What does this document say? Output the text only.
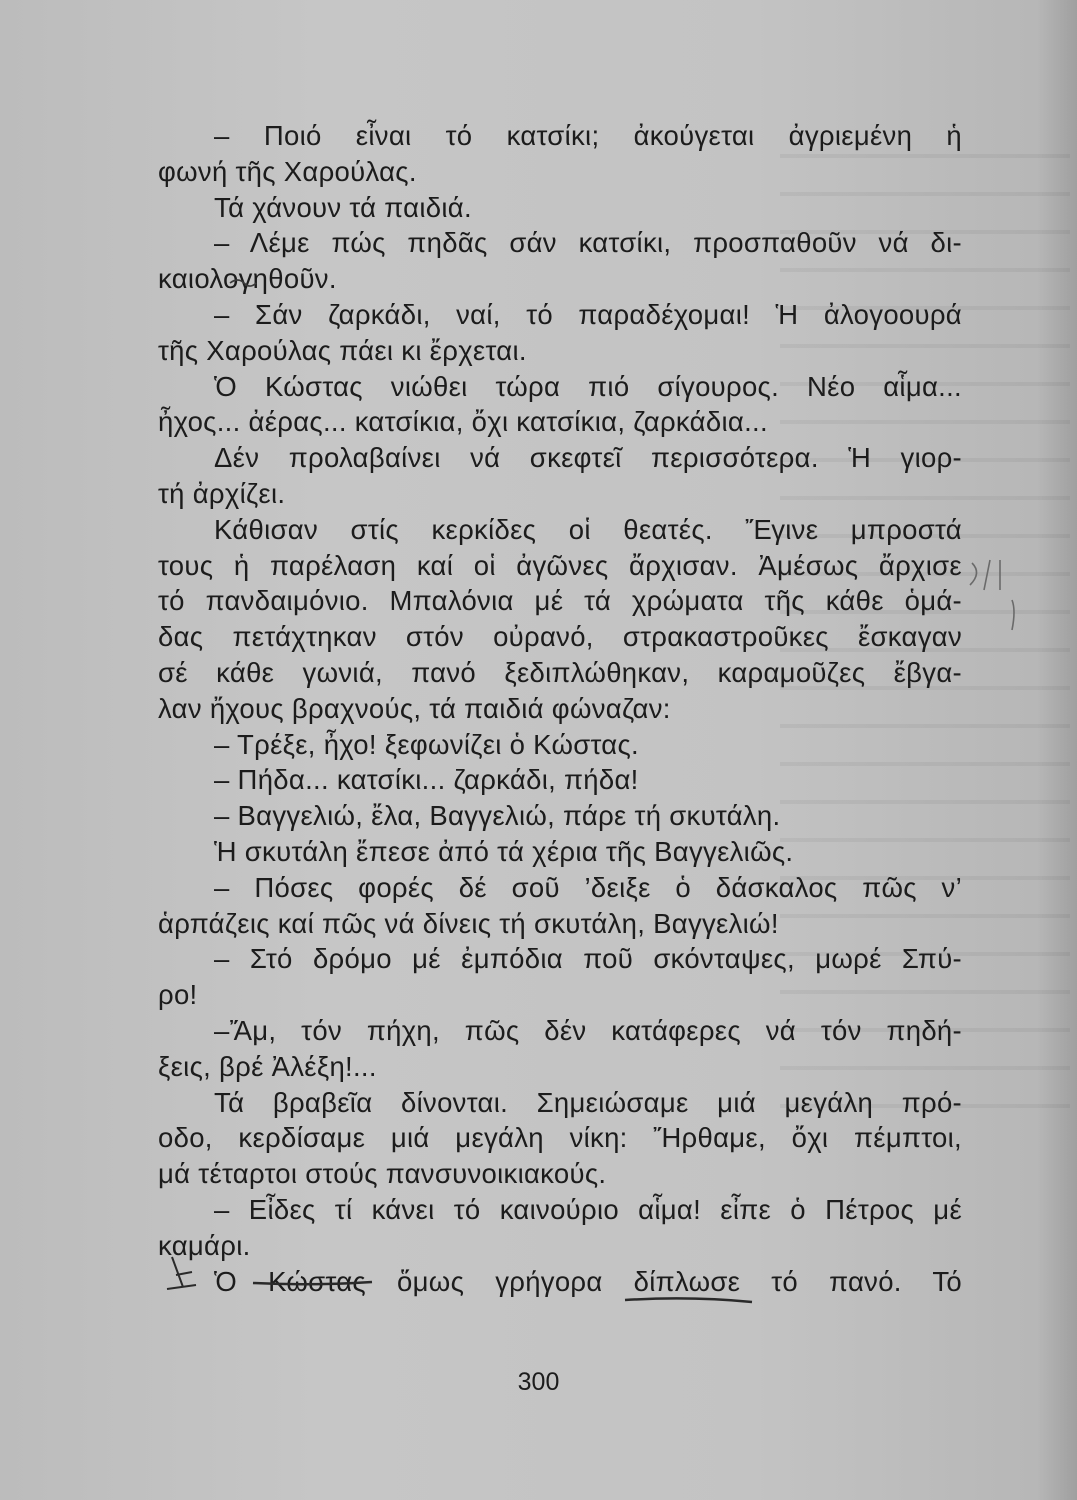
– Ποιό εἶναι τό κατσίκι; ἀκούγεται ἀγριεμένη ἡ
φωνή τῆς Χαρούλας.
Τά χάνουν τά παιδιά.
– Λέμε πώς πηδᾶς σάν κατσίκι, προσπαθοῦν νά δι-
καιολογηθοῦν.
– Σάν ζαρκάδι, ναί, τό παραδέχομαι! Ἡ ἀλογοουρά
τῆς Χαρούλας πάει κι ἔρχεται.
Ὁ Κώστας νιώθει τώρα πιό σίγουρος. Νέο αἷμα...
ἦχος... ἀέρας... κατσίκια, ὄχι κατσίκια, ζαρκάδια...
Δέν προλαβαίνει νά σκεφτεῖ περισσότερα. Ἡ γιορ-
τή ἀρχίζει.
Κάθισαν στίς κερκίδες οἱ θεατές. Ἔγινε μπροστά
τους ἡ παρέλαση καί οἱ ἀγῶνες ἄρχισαν. Ἀμέσως ἄρχισε
τό πανδαιμόνιο. Μπαλόνια μέ τά χρώματα τῆς κάθε ὁμά-
δας πετάχτηκαν στόν οὐρανό, στρακαστροῦκες ἔσκαγαν
σέ κάθε γωνιά, πανό ξεδιπλώθηκαν, καραμοῦζες ἔβγα-
λαν ἤχους βραχνούς, τά παιδιά φώναζαν:
– Τρέξε, ἦχο! ξεφωνίζει ὁ Κώστας.
– Πήδα... κατσίκι... ζαρκάδι, πήδα!
– Βαγγελιώ, ἔλα, Βαγγελιώ, πάρε τή σκυτάλη.
Ἡ σκυτάλη ἔπεσε ἀπό τά χέρια τῆς Βαγγελιῶς.
– Πόσες φορές δέ σοῦ ’δειξε ὁ δάσκαλος πῶς ν’
ἁρπάζεις καί πῶς νά δίνεις τή σκυτάλη, Βαγγελιώ!
– Στό δρόμο μέ ἐμπόδια ποῦ σκόνταψες, μωρέ Σπύ-
ρο!
–Ἄμ, τόν πήχη, πῶς δέν κατάφερες νά τόν πηδή-
ξεις, βρέ Ἀλέξη!...
Τά βραβεῖα δίνονται. Σημειώσαμε μιά μεγάλη πρό-
οδο, κερδίσαμε μιά μεγάλη νίκη: Ἤρθαμε, ὄχι πέμπτοι,
μά τέταρτοι στούς πανσυνοικιακούς.
– Εἶδες τί κάνει τό καινούριο αἷμα! εἶπε ὁ Πέτρος μέ
καμάρι.
Ὁ Κώστας ὅμως γρήγορα δίπλωσε τό πανό. Τό
300
